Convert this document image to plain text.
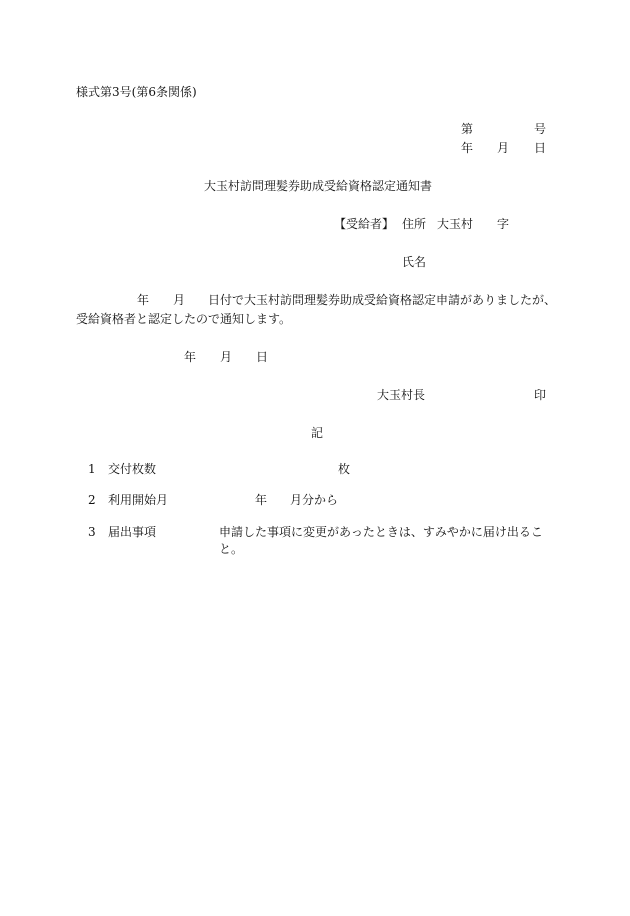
様式第3号(第6条関係)
第	号
年 月 日
大玉村訪問理髪券助成受給資格認定通知書
【受給者】 住所 大玉村 字
氏名
年 月 日付で大玉村訪問理髪券助成受給資格認定申請がありましたが、
受給資格者と認定したので通知します。
年 月 日
大玉村長	印
記
1 交付枚数	枚
2 利用開始月	年 月分から
3 届出事項	申請した事項に変更があったときは、すみやかに届け出るこ
と。
